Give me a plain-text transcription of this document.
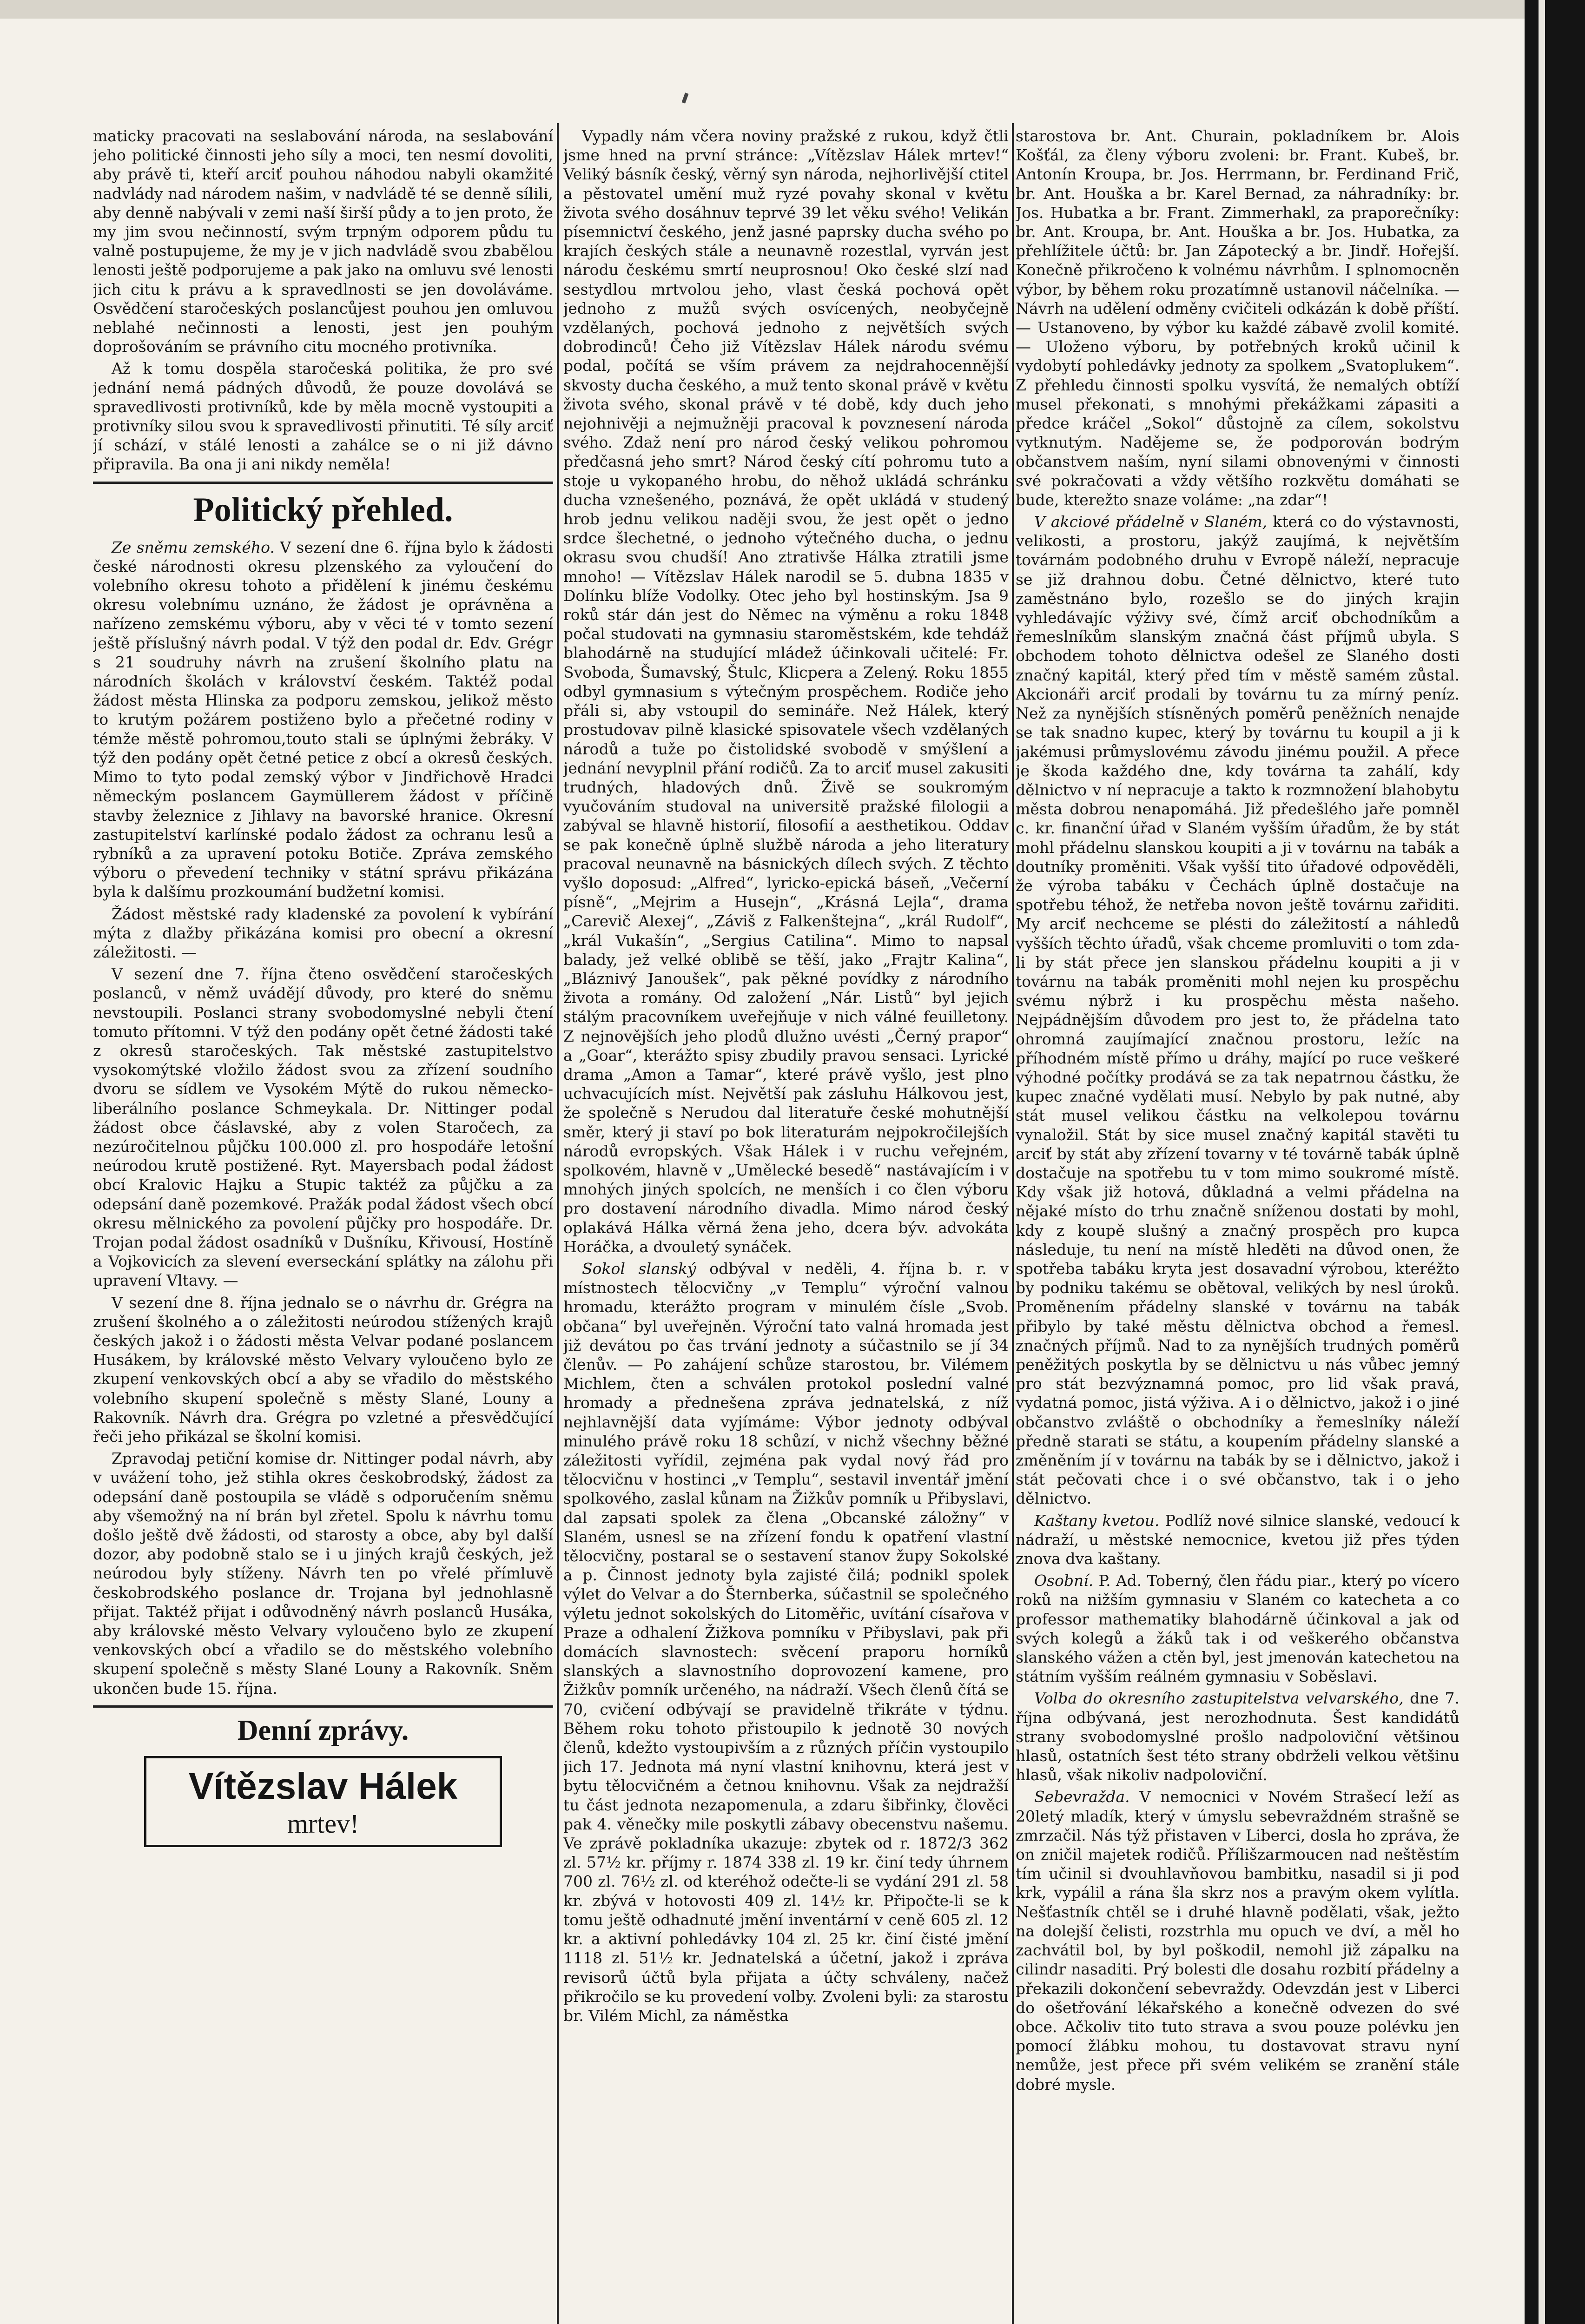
maticky pracovati na seslabování národa, na seslabování jeho politické činnosti jeho síly a moci, ten nesmí dovoliti, aby právě ti, kteří arciť pouhou náhodou nabyli okamžité nadvlády nad národem našim, v nadvládě té se denně sílili, aby denně nabývali v zemi naší širší půdy a to jen proto, že my jim svou nečinností, svým trpným odporem půdu tu valně postupujeme, že my je v jich nadvládě svou zbabělou lenosti ještě podporujeme a pak jako na omluvu své lenosti jich citu k právu a k spravedlnosti se jen dovoláváme. Osvědčení staročeských poslancůjest pouhou jen omluvou neblahé nečinnosti a lenosti, jest jen pouhým doprošováním se právního citu mocného protivníka.

Až k tomu dospěla staročeská politika, že pro své jednání nemá pádných důvodů, že pouze dovolává se spravedlivosti protivníků, kde by měla mocně vystoupiti a protivníky silou svou k spravedlivosti přinutiti. Té síly arciť jí schází, v stálé lenosti a zahálce se o ni již dávno připravila. Ba ona ji ani nikdy neměla!

Politický přehled.

Ze sněmu zemského. V sezení dne 6. října bylo k žádosti české národnosti okresu plzenského za vyloučení do volebního okresu tohoto a přidělení k jinému českému okresu volebnímu uznáno, že žádost je oprávněna a nařízeno zemskému výboru, aby v věci té v tomto sezení ještě příslušný návrh podal. V týž den podal dr. Edv. Grégr s 21 soudruhy návrh na zrušení školního platu na národních školách v království českém. Taktéž podal žádost města Hlinska za podporu zemskou, jelikož město to krutým požárem postiženo bylo a přečetné rodiny v témže městě pohromou,touto stali se úplnými žebráky. V týž den podány opět četné petice z obcí a okresů českých. Mimo to tyto podal zemský výbor v Jindřichově Hradci německým poslancem Gaymüllerem žádost v příčině stavby železnice z Jihlavy na bavorské hranice. Okresní zastupitelství karlínské podalo žádost za ochranu lesů a rybníků a za upravení potoku Botiče. Zpráva zemského výboru o převedení techniky v státní správu přikázána byla k dalšímu prozkoumání budžetní komisi.

Žádost městské rady kladenské za povolení k vybírání mýta z dlažby přikázána komisi pro obecní a okresní záležitosti. —

V sezení dne 7. října čteno osvědčení staročeských poslanců, v němž uvádějí důvody, pro které do sněmu nevstoupili. Poslanci strany svobodomyslné nebyli čtení tomuto přítomni. V týž den podány opět četné žádosti také z okresů staročeských. Tak městské zastupitelstvo vysokomýtské vložilo žádost svou za zřízení soudního dvoru se sídlem ve Vysokém Mýtě do rukou německo-liberálního poslance Schmeykala. Dr. Nittinger podal žádost obce čáslavské, aby z volen Staročech, za nezúročitelnou půjčku 100.000 zl. pro hospodáře letošní neúrodou krutě postižené. Ryt. Mayersbach podal žádost obcí Kralovic Hajku a Stupic taktéž za půjčku a za odepsání daně pozemkové. Pražák podal žádost všech obcí okresu mělnického za povolení půjčky pro hospodáře. Dr. Trojan podal žádost osadníků v Dušníku, Křivousí, Hostíně a Vojkovicích za slevení everseckání splátky na zálohu při upravení Vltavy. —

V sezení dne 8. října jednalo se o návrhu dr. Grégra na zrušení školného a o záležitosti neúrodou stížených krajů českých jakož i o žádosti města Velvar podané poslancem Husákem, by královské město Velvary vyloučeno bylo ze zkupení venkovských obcí a aby se vřadilo do městského volebního skupení společně s městy Slané, Louny a Rakovník. Návrh dra. Grégra po vzletné a přesvědčující řeči jeho přikázal se školní komisi.

Zpravodaj petiční komise dr. Nittinger podal návrh, aby v uvážení toho, jež stihla okres českobrodský, žádost za odepsání daně postoupila se vládě s odporučením sněmu aby všemožný na ní brán byl zřetel. Spolu k návrhu tomu došlo ještě dvě žádosti, od starosty a obce, aby byl další dozor, aby podobně stalo se i u jiných krajů českých, jež neúrodou byly stíženy. Návrh ten po vřelé přímluvě českobrodského poslance dr. Trojana byl jednohlasně přijat. Taktéž přijat i odůvodněný návrh poslanců Husáka, aby královské město Velvary vyloučeno bylo ze zkupení venkovských obcí a vřadilo se do městského volebního skupení společně s městy Slané Louny a Rakovník. Sněm ukončen bude 15. října.

Denní zprávy.
Vítězslav Hálek
mrtev!

Vypadly nám včera noviny pražské z rukou, když čtli jsme hned na první stránce: „Vítězslav Hálek mrtev!“ Veliký básník český, věrný syn národa, nejhorlivější ctitel a pěstovatel umění muž ryzé povahy skonal v květu života svého dosáhnuv teprvé 39 let věku svého! Velikán písemnictví českého, jenž jasné paprsky ducha svého po krajích českých stále a neunavně rozestlal, vyrván jest národu českému smrtí neuprosnou! Oko české slzí nad sestydlou mrtvolou jeho, vlast česká pochová opět jednoho z mužů svých osvícených, neobyčejně vzdělaných, pochová jednoho z největších svých dobrodinců! Čeho již Vítězslav Hálek národu svému podal, počítá se vším právem za nejdrahocennější skvosty ducha českého, a muž tento skonal právě v květu života svého, skonal právě v té době, kdy duch jeho nejohnivěji a nejmužněji pracoval k povznesení národa svého. Zdaž není pro národ český velikou pohromou předčasná jeho smrt? Národ český cítí pohromu tuto a stoje u vykopaného hrobu, do něhož ukládá schránku ducha vznešeného, poznává, že opět ukládá v studený hrob jednu velikou naději svou, že jest opět o jedno srdce šlechetné, o jednoho výtečného ducha, o jednu okrasu svou chudší! Ano ztrativše Hálka ztratili jsme mnoho! — Vítězslav Hálek narodil se 5. dubna 1835 v Dolínku blíže Vodolky. Otec jeho byl hostinským. Jsa 9 roků stár dán jest do Němec na výměnu a roku 1848 počal studovati na gymnasiu staroměstském, kde tehdáž blahodárně na studující mládež účinkovali učitelé: Fr. Svoboda, Šumavský, Štulc, Klicpera a Zelený. Roku 1855 odbyl gymnasium s výtečným prospěchem. Rodiče jeho přáli si, aby vstoupil do semináře. Než Hálek, který prostudovav pilně klasické spisovatele všech vzdělaných národů a tuže po čistolidské svobodě v smýšlení a jednání nevyplnil přání rodičů. Za to arciť musel zakusiti trudných, hladových dnů. Živě se soukromým vyučováním studoval na universitě pražské filologii a zabýval se hlavně historií, filosofií a aesthetikou. Oddav se pak konečně úplně službě národa a jeho literatury pracoval neunavně na básnických dílech svých. Z těchto vyšlo doposud: „Alfred“, lyricko-epická báseň, „Večerní písně“, „Mejrim a Husejn“, „Krásná Lejla“, drama „Carevič Alexej“, „Záviš z Falkenštejna“, „král Rudolf“, „král Vukašín“, „Sergius Catilina“. Mimo to napsal balady, jež velké oblibě se těší, jako „Frajtr Kalina“, „Bláznivý Janoušek“, pak pěkné povídky z národního života a romány. Od založení „Nár. Listů“ byl jejich stálým pracovníkem uveřejňuje v nich válné feuilletony. Z nejnovějších jeho plodů dlužno uvésti „Černý prapor“ a „Goar“, kterážto spisy zbudily pravou sensaci. Lyrické drama „Amon a Tamar“, které právě vyšlo, jest plno uchvacujících míst. Největší pak zásluhu Hálkovou jest, že společně s Nerudou dal literatuře české mohutnější směr, který ji staví po bok literaturám nejpokročilejších národů evropských. Však Hálek i v ruchu veřejném, spolkovém, hlavně v „Umělecké besedě“ nastávajícím i v mnohých jiných spolcích, ne menších i co člen výboru pro dostavení národního divadla. Mimo národ český oplakává Hálka věrná žena jeho, dcera býv. advokáta Horáčka, a dvouletý synáček.

Sokol slanský odbýval v neděli, 4. října b. r. v místnostech tělocvičny „v Templu“ výroční valnou hromadu, kterážto program v minulém čísle „Svob. občana“ byl uveřejněn. Výroční tato valná hromada jest již devátou po čas trvání jednoty a súčastnilo se jí 34 členův. — Po zahájení schůze starostou, br. Vilémem Michlem, čten a schválen protokol poslední valné hromady a přednešena zpráva jednatelská, z níž nejhlavnější data vyjímáme: Výbor jednoty odbýval minulého právě roku 18 schůzí, v nichž všechny běžné záležitosti vyřídil, zejména pak vydal nový řád pro tělocvičnu v hostinci „v Templu“, sestavil inventář jmění spolkového, zaslal kůnam na Žižkův pomník u Přibyslavi, dal zapsati spolek za člena „Obcanské záložny“ v Slaném, usnesl se na zřízení fondu k opatření vlastní tělocvičny, postaral se o sestavení stanov župy Sokolské a p. Činnost jednoty byla zajisté čilá; podnikl spolek výlet do Velvar a do Šternberka, súčastnil se společného výletu jednot sokolských do Litoměřic, uvítání císařova v Praze a odhalení Žižkova pomníku v Přibyslavi, pak při domácích slavnostech: svěcení praporu horníků slanských a slavnostního doprovození kamene, pro Žižkův pomník určeného, na nádraží. Všech členů čítá se 70, cvičení odbývají se pravidelně třikráte v týdnu. Během roku tohoto přistoupilo k jednotě 30 nových členů, kdežto vystoupivším a z různých příčin vystoupilo jich 17. Jednota má nyní vlastní knihovnu, která jest v bytu tělocvičném a četnou knihovnu. Však za nejdražší tu část jednota nezapomenula, a zdaru šibřinky, člověci pak 4. věnečky mile poskytli zábavy obecenstvu našemu. Ve zprávě pokladníka ukazuje: zbytek od r. 1872/3 362 zl. 57½ kr. příjmy r. 1874 338 zl. 19 kr. činí tedy úhrnem 700 zl. 76½ zl. od kteréhož odečte-li se vydání 291 zl. 58 kr. zbývá v hotovosti 409 zl. 14½ kr. Připočte-li se k tomu ještě odhadnuté jmění inventární v ceně 605 zl. 12 kr. a aktivní pohledávky 104 zl. 25 kr. činí čisté jmění 1118 zl. 51½ kr. Jednatelská a účetní, jakož i zpráva revisorů účtů byla přijata a účty schváleny, načež přikročilo se ku provedení volby. Zvoleni byli: za starostu br. Vilém Michl, za náměstka

starostova br. Ant. Churain, pokladníkem br. Alois Košťál, za členy výboru zvoleni: br. Frant. Kubeš, br. Antonín Kroupa, br. Jos. Herrmann, br. Ferdinand Frič, br. Ant. Houška a br. Karel Bernad, za náhradníky: br. Jos. Hubatka a br. Frant. Zimmerhakl, za praporečníky: br. Ant. Kroupa, br. Ant. Houška a br. Jos. Hubatka, za přehlížitele účtů: br. Jan Zápotecký a br. Jindř. Hořejší. Konečně přikročeno k volnému návrhům. I splnomocněn výbor, by během roku prozatímně ustanovil náčelníka. — Návrh na udělení odměny cvičiteli odkázán k době příští. — Ustanoveno, by výbor ku každé zábavě zvolil komité. — Uloženo výboru, by potřebných kroků učinil k vydobytí pohledávky jednoty za spolkem „Svatoplukem“. Z přehledu činnosti spolku vysvítá, že nemalých obtíží musel překonati, s mnohými překážkami zápasiti a předce kráčel „Sokol“ důstojně za cílem, sokolstvu vytknutým. Nadějeme se, že podporován bodrým občanstvem naším, nyní silami obnovenými v činnosti své pokračovati a vždy většího rozkvětu domáhati se bude, kterežto snaze voláme: „na zdar“!

V akciové přádelně v Slaném, která co do výstavnosti, velikosti, a prostoru, jakýž zaujímá, k největším továrnám podobného druhu v Evropě náleží, nepracuje se již drahnou dobu. Četné dělnictvo, které tuto zaměstnáno bylo, rozešlo se do jiných krajin vyhledávajíc výživy své, čímž arciť obchodníkům a řemeslníkům slanským značná část příjmů ubyla. S obchodem tohoto dělnictva odešel ze Slaného dosti značný kapitál, který před tím v městě samém zůstal. Akcionáři arciť prodali by továrnu tu za mírný peníz. Než za nynějších stísněných poměrů peněžních nenajde se tak snadno kupec, který by továrnu tu koupil a ji k jakémusi průmyslovému závodu jinému použil. A přece je škoda každého dne, kdy továrna ta zahálí, kdy dělnictvo v ní nepracuje a takto k rozmnožení blahobytu města dobrou nenapomáhá. Již předešlého jaře pomněl c. kr. finanční úřad v Slaném vyšším úřadům, že by stát mohl přádelnu slanskou koupiti a ji v továrnu na tabák a doutníky proměniti. Však vyšší tito úřadové odpověděli, že výroba tabáku v Čechách úplně dostačuje na spotřebu téhož, že netřeba novon ještě továrnu zařiditi. My arciť nechceme se plésti do záležitostí a náhledů vyšších těchto úřadů, však chceme promluviti o tom zda-li by stát přece jen slanskou přádelnu koupiti a ji v továrnu na tabák proměniti mohl nejen ku prospěchu svému nýbrž i ku prospěchu města našeho. Nejpádnějším důvodem pro jest to, že přádelna tato ohromná zaujímající značnou prostoru, ležíc na příhodném místě přímo u dráhy, mající po ruce veškeré výhodné počítky prodává se za tak nepatrnou částku, že kupec značné vydělati musí. Nebylo by pak nutné, aby stát musel velikou částku na velkolepou továrnu vynaložil. Stát by sice musel značný kapitál stavěti tu arciť by stát aby zřízení tovarny v té továrně tabák úplně dostačuje na spotřebu tu v tom mimo soukromé místě. Kdy však již hotová, důkladná a velmi přádelna na nějaké místo do trhu značně sníženou dostati by mohl, kdy z koupě slušný a značný prospěch pro kupca následuje, tu není na místě hleděti na důvod onen, že spotřeba tabáku kryta jest dosavadní výrobou, kteréžto by podniku takému se obětoval, velikých by nesl úroků. Proměnením přádelny slanské v továrnu na tabák přibylo by také městu dělnictva obchod a řemesl. značných příjmů. Nad to za nynějších trudných poměrů peněžitých poskytla by se dělnictvu u nás vůbec jemný pro stát bezvýznamná pomoc, pro lid však pravá, vydatná pomoc, jistá výživa. A i o dělnictvo, jakož i o jiné občanstvo zvláště o obchodníky a řemeslníky náleží předně starati se státu, a koupením přádelny slanské a změněním jí v továrnu na tabák by se i dělnictvo, jakož i stát pečovati chce i o své občanstvo, tak i o jeho dělnictvo.

Kaštany kvetou. Podlíž nové silnice slanské, vedoucí k nádraží, u městské nemocnice, kvetou již přes týden znova dva kaštany.

Osobní. P. Ad. Toberný, člen řádu piar., který po vícero roků na nižším gymnasiu v Slaném co katecheta a co professor mathematiky blahodárně účinkoval a jak od svých kolegů a žáků tak i od veškerého občanstva slanského vážen a ctěn byl, jest jmenován katechetou na státním vyšším reálném gymnasiu v Soběslavi.

Volba do okresního zastupitelstva velvarského, dne 7. října odbývaná, jest nerozhodnuta. Šest kandidátů strany svobodomyslné prošlo nadpoloviční většinou hlasů, ostatních šest této strany obdrželi velkou většinu hlasů, však nikoliv nadpoloviční.

Sebevražda. V nemocnici v Novém Strašecí leží as 20letý mladík, který v úmyslu sebevraždném strašně se zmrzačil. Nás týž přistaven v Liberci, dosla ho zpráva, že on zničil majetek rodičů. Přílišzarmoucen nad neštěstím tím učinil si dvouhlavňovou bambitku, nasadil si ji pod krk, vypálil a rána šla skrz nos a pravým okem vylítla. Nešťastník chtěl se i druhé hlavně podělati, však, ježto na dolejší čelisti, rozstrhla mu opuch ve dví, a měl ho zachvátil bol, by byl poškodil, nemohl již zápalku na cilindr nasaditi. Prý bolesti dle dosahu rozbití přádelny a překazili dokončení sebevraždy. Odevzdán jest v Liberci do ošetřování lékařského a konečně odvezen do své obce. Ačkoliv tito tuto strava a svou pouze polévku jen pomocí žlábku mohou, tu dostavovat stravu nyní nemůže, jest přece při svém velikém se zranění stále dobré mysle.
